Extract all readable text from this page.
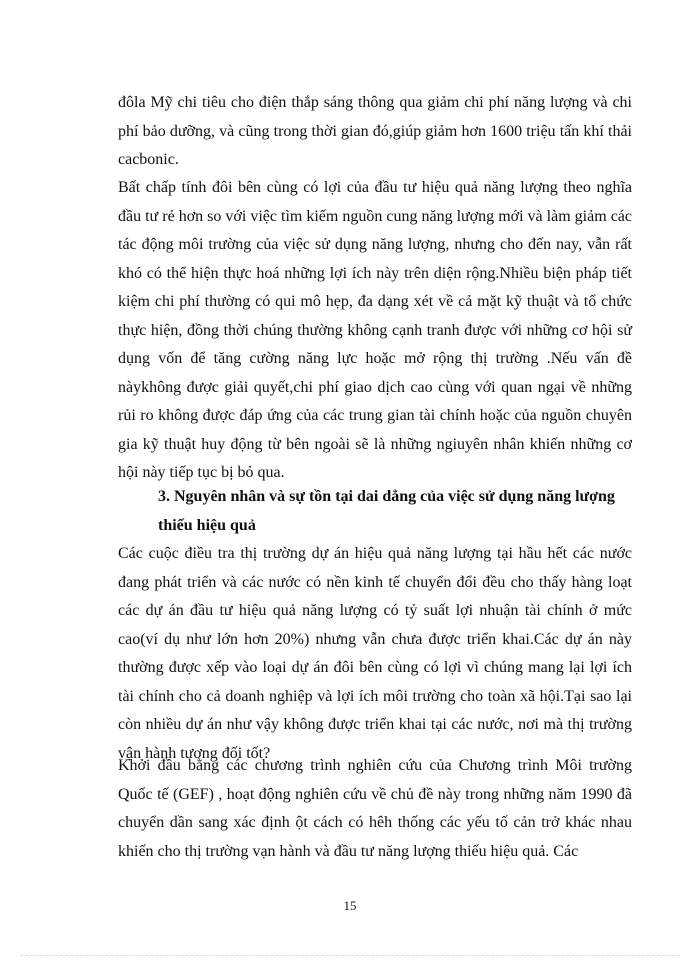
đôla Mỹ chi tiêu cho điện thắp sáng thông qua giảm chi phí năng lượng và chi phí bảo dưỡng, và cũng trong thời gian đó,giúp giảm hơn 1600 triệu tấn khí thải cacbonic.

Bất chấp tính đôi bên cùng có lợi của đầu tư hiệu quả năng lượng theo nghĩa đầu tư rẻ hơn so với việc tìm kiếm nguồn cung năng lượng mới và làm giảm các tác động môi trường của việc sử dụng năng lượng, nhưng cho đến nay, vẫn rất khó có thể hiện thực hoá những lợi ích này trên diện rộng.Nhiều biện pháp tiết kiệm chi phí thường có qui mô hẹp, đa dạng xét về cả mặt kỹ thuật và tổ chức thực hiện, đồng thời chúng thường không cạnh tranh được với những cơ hội sử dụng vốn để tăng cường năng lực hoặc mở rộng thị trường .Nếu vấn đề nàykhông được giải quyết,chi phí giao dịch cao cùng với quan ngại về những rủi ro không được đáp ứng của các trung gian tài chính hoặc của nguồn chuyên gia kỹ thuật huy động từ bên ngoài sẽ là những ngiuyên nhân khiến những cơ hội này tiếp tục bị bỏ qua.

3. Nguyên nhân và sự tồn tại dai dẳng của việc sử dụng năng lượng thiếu hiệu quả

Các cuộc điều tra thị trường dự án hiệu quả năng lượng tại hầu hết các nước đang phát triển và các nước có nền kinh tế chuyển đổi đều cho thấy hàng loạt các dự án đầu tư hiệu quả năng lượng có tỷ suất lợi nhuận tài chính ở mức cao(ví dụ như lớn hơn 20%) nhưng vẫn chưa được triển khai.Các dự án này thường được xếp vào loại dự án đôi bên cùng có lợi vì chúng mang lại lợi ích tài chính cho cả doanh nghiệp và lợi ích môi trường cho toàn xã hội.Tại sao lại còn nhiều dự án như vậy không được triển khai tại các nước, nơi mà thị trường vận hành tương đối tốt?

Khởi đầu bằng các chương trình nghiên cứu của Chương trình Môi trường Quốc tế (GEF) , hoạt động nghiên cứu về chủ đề này trong những năm 1990 đã chuyển dần sang xác định ột cách có hêh thống các yếu tố cản trở khác nhau khiến cho thị trường vạn hành và đầu tư năng lượng thiếu hiệu quả. Các

15
